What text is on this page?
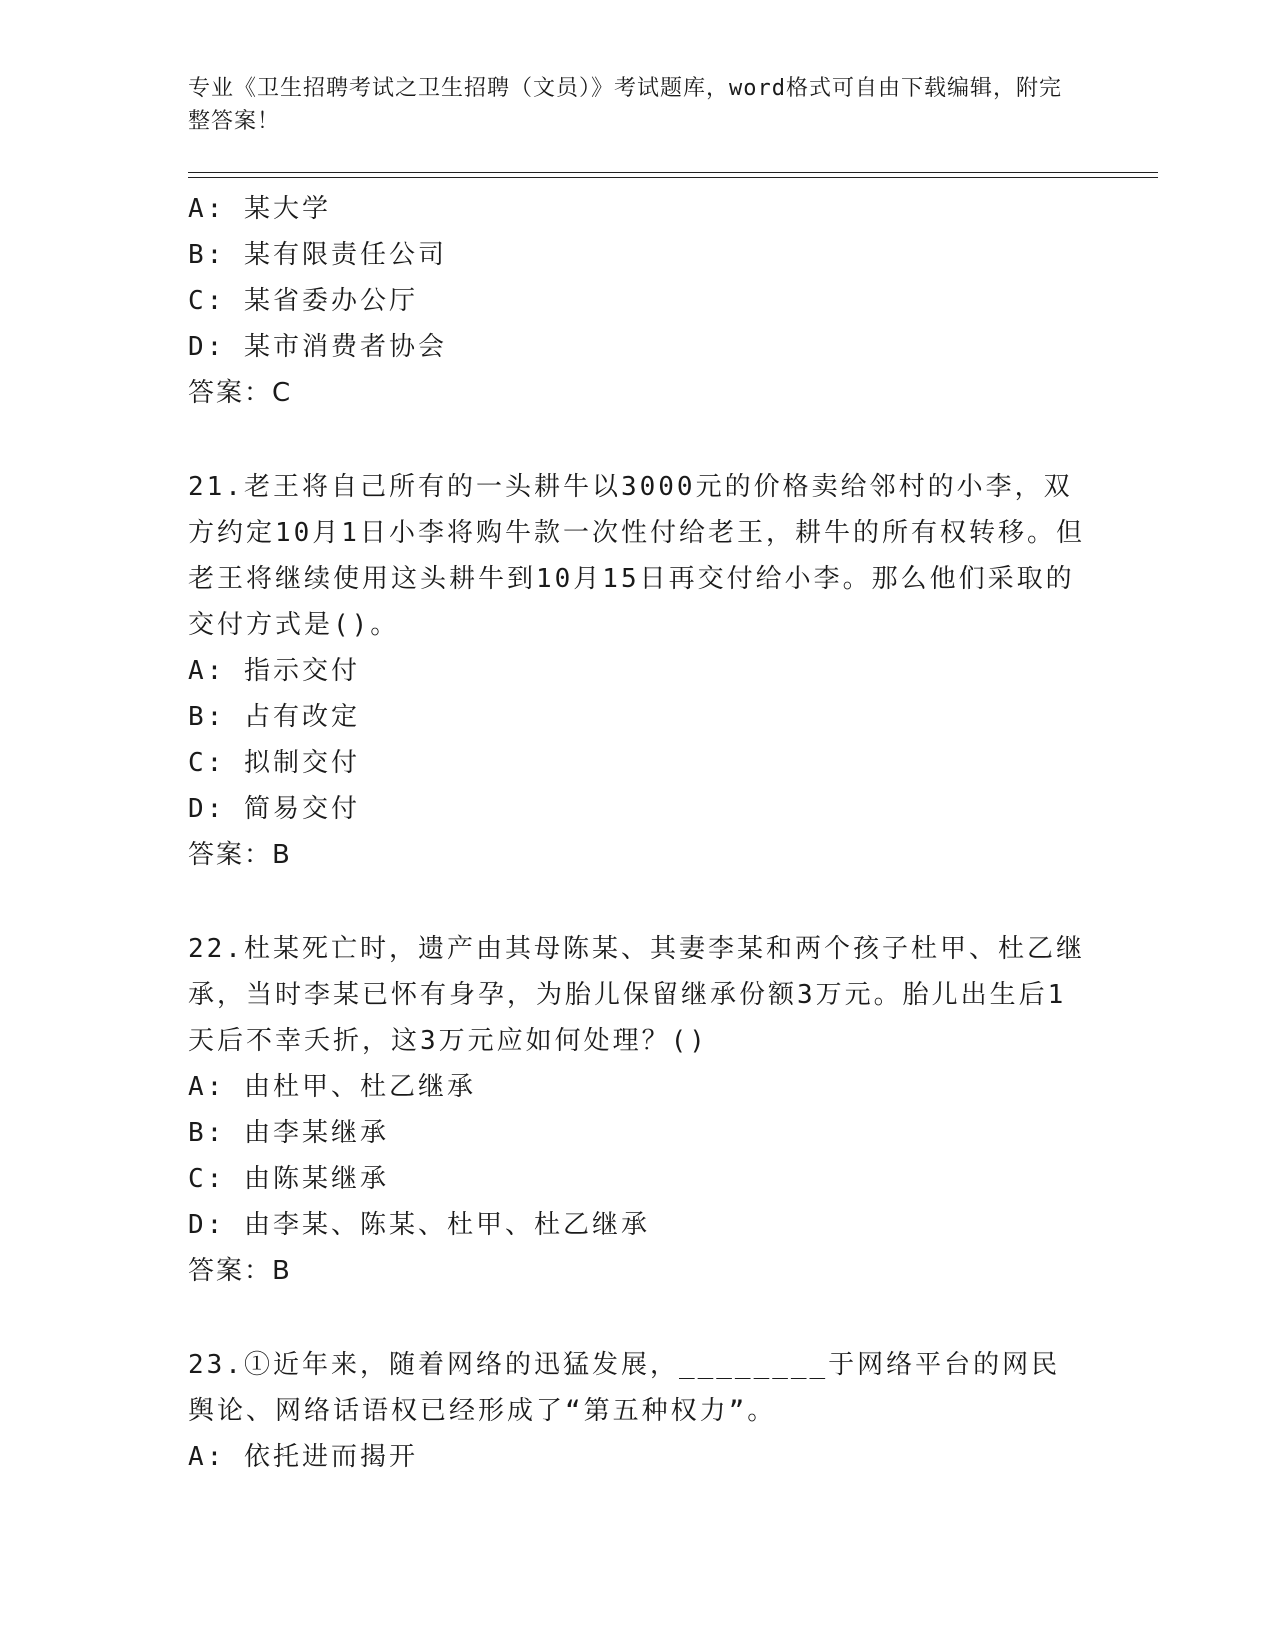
专业《卫生招聘考试之卫生招聘（文员）》考试题库，word格式可自由下载编辑，附完整答案！
A: 某大学
B: 某有限责任公司
C: 某省委办公厅
D: 某市消费者协会
答案：C
21.老王将自己所有的一头耕牛以3000元的价格卖给邻村的小李，双方约定10月1日小李将购牛款一次性付给老王，耕牛的所有权转移。但老王将继续使用这头耕牛到10月15日再交付给小李。那么他们采取的交付方式是()。
A: 指示交付
B: 占有改定
C: 拟制交付
D: 简易交付
答案：B
22.杜某死亡时，遗产由其母陈某、其妻李某和两个孩子杜甲、杜乙继承，当时李某已怀有身孕，为胎儿保留继承份额3万元。胎儿出生后1天后不幸夭折，这3万元应如何处理？()
A: 由杜甲、杜乙继承
B: 由李某继承
C: 由陈某继承
D: 由李某、陈某、杜甲、杜乙继承
答案：B
23.①近年来，随着网络的迅猛发展，________于网络平台的网民舆论、网络话语权已经形成了“第五种权力”。
A: 依托进而揭开
